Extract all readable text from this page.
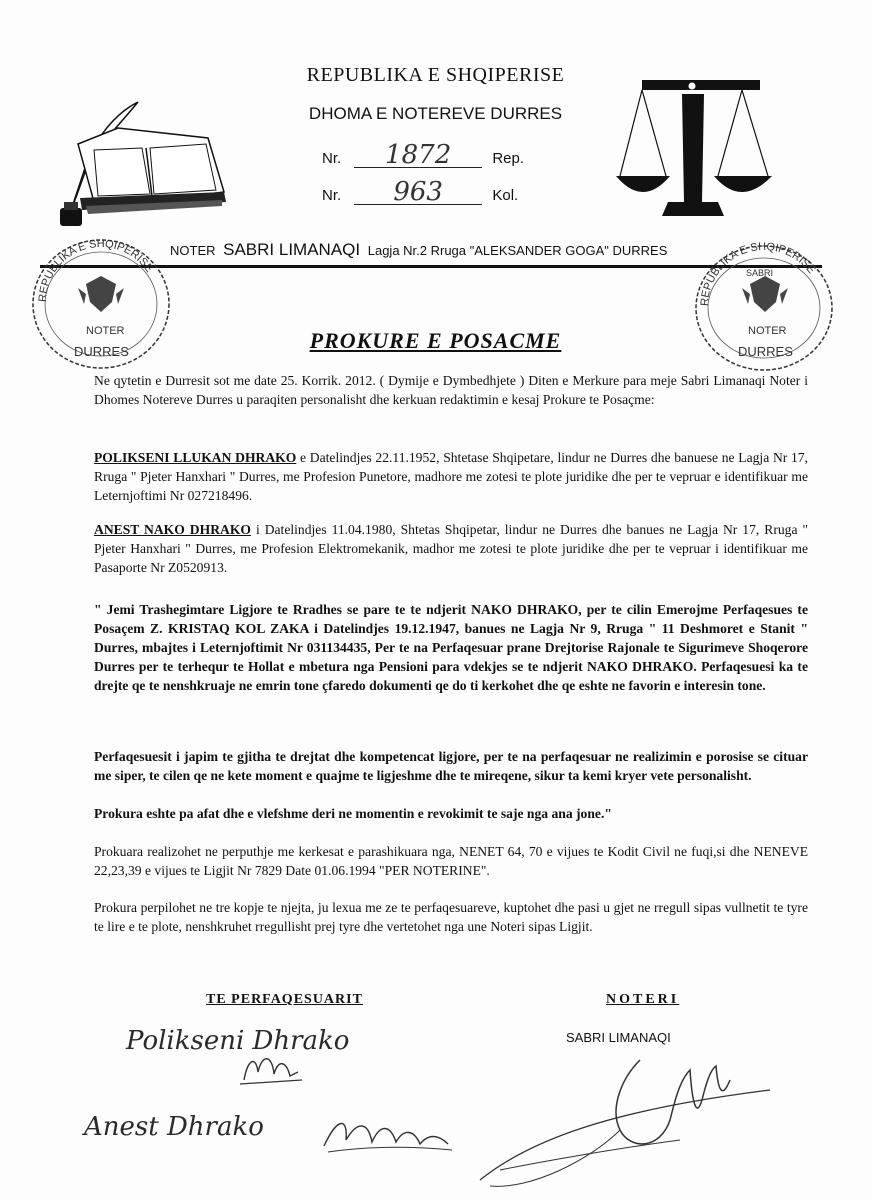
REPUBLIKA E SHQIPERISE
DHOMA E NOTEREVE DURRES
Nr. 1872	Rep.
Nr. 963	Kol.
NOTER SABRI LIMANAQI Lagja Nr.2 Rruga "ALEKSANDER GOGA" DURRES
REPUBLIKA E SHQIPERISE
NOTER
DURRES
REPUBLIKA E SHQIPERISE
SABRI
NOTER
DURRES
PROKURE E POSACME
Ne qytetin e Durresit sot me date 25. Korrik. 2012. ( Dymije e Dymbedhjete ) Diten e Merkure para meje Sabri Limanaqi Noter i Dhomes Notereve Durres u paraqiten personalisht dhe kerkuan redaktimin e kesaj Prokure te Posaçme:
POLIKSENI LLUKAN DHRAKO e Datelindjes 22.11.1952, Shtetase Shqipetare, lindur ne Durres dhe banuese ne Lagja Nr 17, Rruga " Pjeter Hanxhari " Durres, me Profesion Punetore, madhore me zotesi te plote juridike dhe per te vepruar e identifikuar me Leternjoftimi Nr 027218496.
ANEST NAKO DHRAKO i Datelindjes 11.04.1980, Shtetas Shqipetar, lindur ne Durres dhe banues ne Lagja Nr 17, Rruga " Pjeter Hanxhari " Durres, me Profesion Elektromekanik, madhor me zotesi te plote juridike dhe per te vepruar i identifikuar me Pasaporte Nr Z0520913.
" Jemi Trashegimtare Ligjore te Rradhes se pare te te ndjerit NAKO DHRAKO, per te cilin Emerojme Perfaqesues te Posaçem Z. KRISTAQ KOL ZAKA i Datelindjes 19.12.1947, banues ne Lagja Nr 9, Rruga " 11 Deshmoret e Stanit " Durres, mbajtes i Leternjoftimit Nr 031134435, Per te na Perfaqesuar prane Drejtorise Rajonale te Sigurimeve Shoqerore Durres per te terhequr te Hollat e mbetura nga Pensioni para vdekjes se te ndjerit NAKO DHRAKO. Perfaqesuesi ka te drejte qe te nenshkruaje ne emrin tone çfaredo dokumenti qe do ti kerkohet dhe qe eshte ne favorin e interesin tone.
Perfaqesuesit i japim te gjitha te drejtat dhe kompetencat ligjore, per te na perfaqesuar ne realizimin e porosise se cituar me siper, te cilen qe ne kete moment e quajme te ligjeshme dhe te mireqene, sikur ta kemi kryer vete personalisht.
Prokura eshte pa afat dhe e vlefshme deri ne momentin e revokimit te saje nga ana jone."
Prokuara realizohet ne perputhje me kerkesat e parashikuara nga, NENET 64, 70 e vijues te Kodit Civil ne fuqi,si dhe NENEVE 22,23,39 e vijues te Ligjit Nr 7829 Date 01.06.1994 "PER NOTERINE".
Prokura perpilohet ne tre kopje te njejta, ju lexua me ze te perfaqesuareve, kuptohet dhe pasi u gjet ne rregull sipas vullnetit te tyre te lire e te plote, nenshkruhet rregullisht prej tyre dhe vertetohet nga une Noteri sipas Ligjit.
TE PERFAQESUARIT	NOTERI
SABRI LIMANAQI
Polikseni Dhrako
Anest Dhrako
